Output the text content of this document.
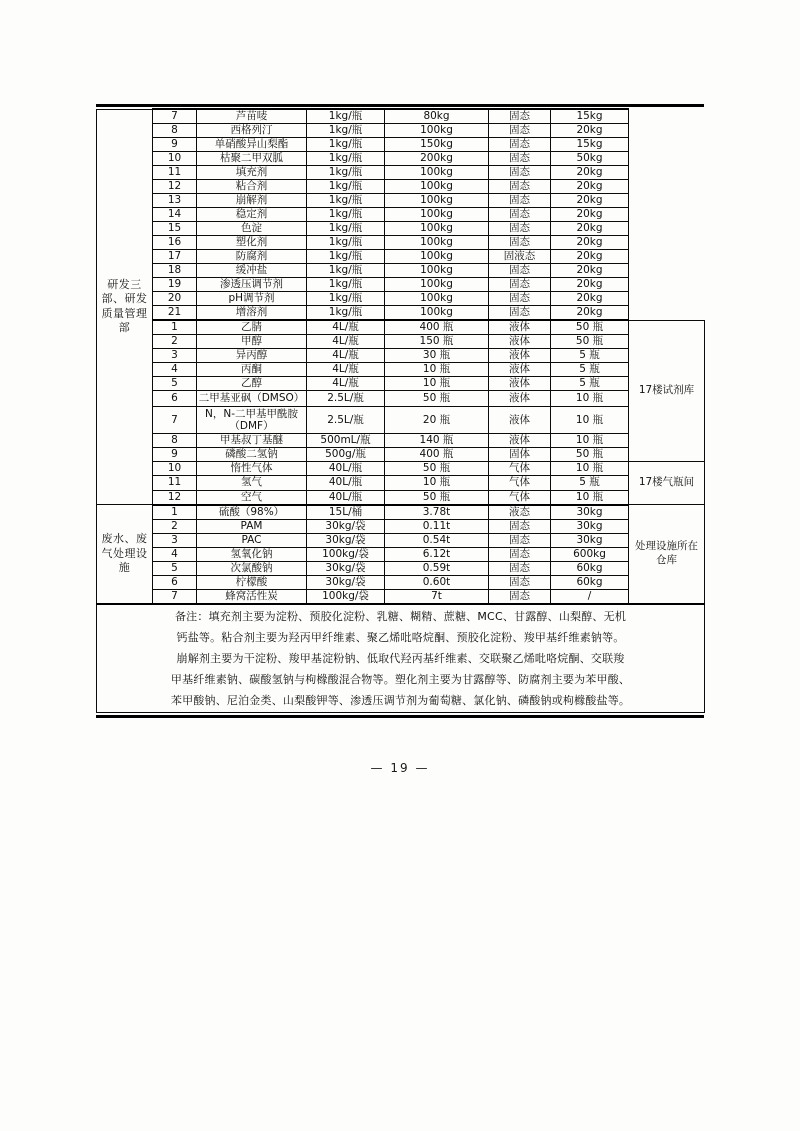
研发三部、研发质量管理部	7	芦苗唛	1kg/瓶	80kg	固态	15kg	
	8	西格列汀	1kg/瓶	100kg	固态	20kg	
	9	单硝酸异山梨酯	1kg/瓶	150kg	固态	15kg	
	10	枯聚二甲双胍	1kg/瓶	200kg	固态	50kg	
	11	填充剂	1kg/瓶	100kg	固态	20kg	
	12	粘合剂	1kg/瓶	100kg	固态	20kg	
	13	崩解剂	1kg/瓶	100kg	固态	20kg	
	14	稳定剂	1kg/瓶	100kg	固态	20kg	
	15	色淀	1kg/瓶	100kg	固态	20kg	
	16	塑化剂	1kg/瓶	100kg	固态	20kg	
	17	防腐剂	1kg/瓶	100kg	固液态	20kg	
	18	缓冲盐	1kg/瓶	100kg	固态	20kg	
	19	渗透压调节剂	1kg/瓶	100kg	固态	20kg	
	20	pH调节剂	1kg/瓶	100kg	固态	20kg	
	21	增溶剂	1kg/瓶	100kg	固态	20kg	
	1	乙腈	4L/瓶	400 瓶	液体	50 瓶	17楼试剂库
	2	甲醇	4L/瓶	150 瓶	液体	50 瓶	
	3	异丙醇	4L/瓶	30 瓶	液体	5 瓶	
	4	丙酮	4L/瓶	10 瓶	液体	5 瓶	
	5	乙醇	4L/瓶	10 瓶	液体	5 瓶	
	6	二甲基亚砜（DMSO）	2.5L/瓶	50 瓶	液体	10 瓶	
	7	N，N-二甲基甲酰胺（DMF）	2.5L/瓶	20 瓶	液体	10 瓶	
	8	甲基叔丁基醚	500mL/瓶	140 瓶	液体	10 瓶	
	9	磷酸二氢钠	500g/瓶	400 瓶	固体	50 瓶	
	10	惰性气体	40L/瓶	50 瓶	气体	10 瓶	17楼气瓶间
	11	氢气	40L/瓶	10 瓶	气体	5 瓶	
	12	空气	40L/瓶	50 瓶	气体	10 瓶	
废水、废气处理设施	1	硫酸（98%）	15L/桶	3.78t	液态	30kg	处理设施所在仓库
	2	PAM	30kg/袋	0.11t	固态	30kg	
	3	PAC	30kg/袋	0.54t	固态	30kg	
	4	氢氧化钠	100kg/袋	6.12t	固态	600kg	
	5	次氯酸钠	30kg/袋	0.59t	固态	60kg	
	6	柠檬酸	30kg/袋	0.60t	固态	60kg	
	7	蜂窝活性炭	100kg/袋	7t	固态	/	

备注：填充剂主要为淀粉、预胶化淀粉、乳糖、糊精、蔗糖、MCC、甘露醇、山梨醇、无机

钙盐等。粘合剂主要为羟丙甲纤维素、聚乙烯吡咯烷酮、预胶化淀粉、羧甲基纤维素钠等。

崩解剂主要为干淀粉、羧甲基淀粉钠、低取代羟丙基纤维素、交联聚乙烯吡咯烷酮、交联羧

甲基纤维素钠、碳酸氢钠与枸橼酸混合物等。塑化剂主要为甘露醇等、防腐剂主要为苯甲酸、

苯甲酸钠、尼泊金类、山梨酸钾等、渗透压调节剂为葡萄糖、氯化钠、磷酸钠或枸橼酸盐等。							

— 19 —
